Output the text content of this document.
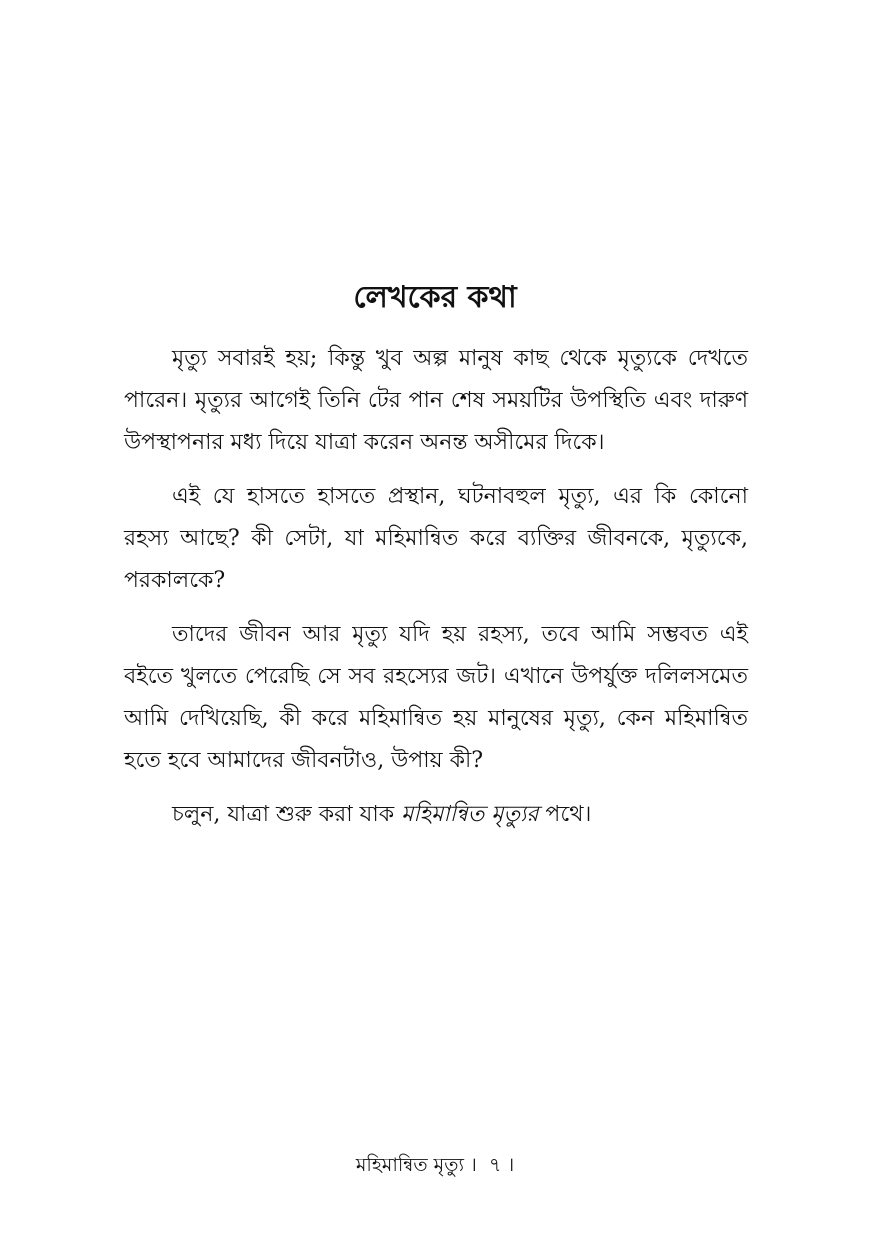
লেখকের কথা

মৃত্যু সবারই হয়; কিন্তু খুব অল্প মানুষ কাছ থেকে মৃত্যুকে দেখতে পারেন। মৃত্যুর আগেই তিনি টের পান শেষ সময়টির উপস্থিতি এবং দারুণ উপস্থাপনার মধ্য দিয়ে যাত্রা করেন অনন্ত অসীমের দিকে।

এই যে হাসতে হাসতে প্রস্থান, ঘটনাবহুল মৃত্যু, এর কি কোনো রহস্য আছে? কী সেটা, যা মহিমান্বিত করে ব্যক্তির জীবনকে, মৃত্যুকে, পরকালকে?

তাদের জীবন আর মৃত্যু যদি হয় রহস্য, তবে আমি সম্ভবত এই বইতে খুলতে পেরেছি সে সব রহস্যের জট। এখানে উপর্যুক্ত দলিলসমেত আমি দেখিয়েছি, কী করে মহিমান্বিত হয় মানুষের মৃত্যু, কেন মহিমান্বিত হতে হবে আমাদের জীবনটাও, উপায় কী?

চলুন, যাত্রা শুরু করা যাক মহিমান্বিত মৃত্যুর পথে।

মহিমান্বিত মৃত্যু । ৭ ।
